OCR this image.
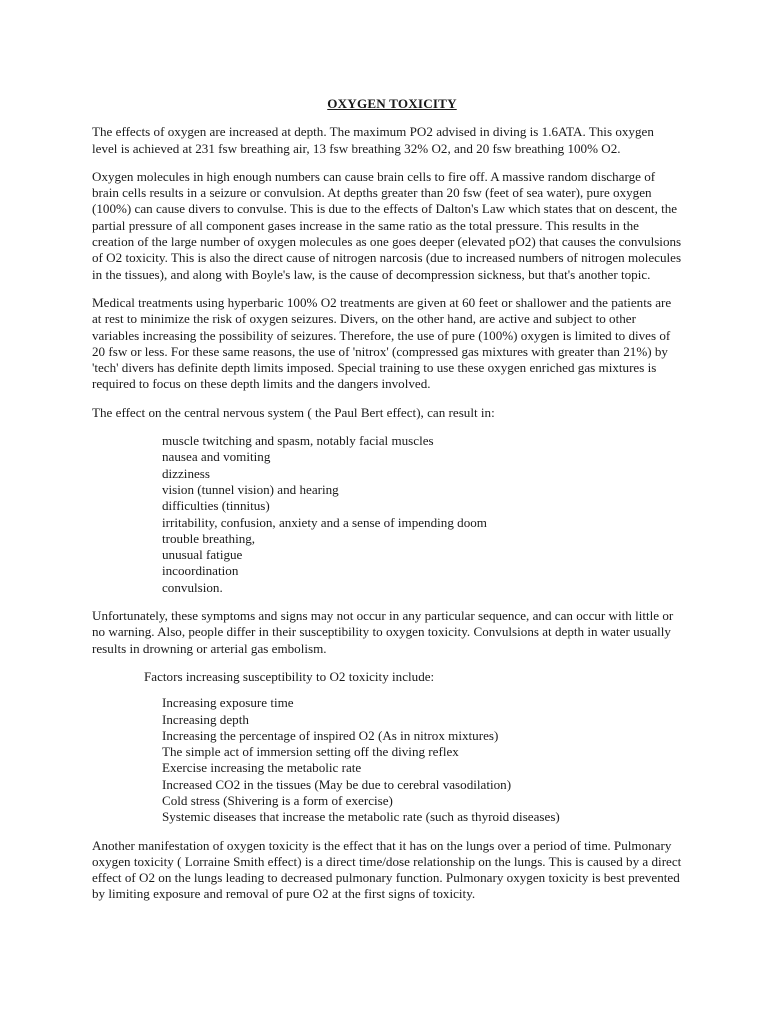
OXYGEN TOXICITY

The effects of oxygen are increased at depth. The maximum PO2 advised in diving is 1.6ATA. This oxygen level is achieved at 231 fsw breathing air, 13 fsw breathing 32% O2, and 20 fsw breathing 100% O2.

Oxygen molecules in high enough numbers can cause brain cells to fire off. A massive random discharge of brain cells results in a seizure or convulsion. At depths greater than 20 fsw (feet of sea water), pure oxygen (100%) can cause divers to convulse. This is due to the effects of Dalton's Law which states that on descent, the partial pressure of all component gases increase in the same ratio as the total pressure. This results in the creation of the large number of oxygen molecules as one goes deeper (elevated pO2) that causes the convulsions of O2 toxicity. This is also the direct cause of nitrogen narcosis (due to increased numbers of nitrogen molecules in the tissues), and along with Boyle's law, is the cause of decompression sickness, but that's another topic.

Medical treatments using hyperbaric 100% O2 treatments are given at 60 feet or shallower and the patients are at rest to minimize the risk of oxygen seizures. Divers, on the other hand, are active and subject to other variables increasing the possibility of seizures. Therefore, the use of pure (100%) oxygen is limited to dives of 20 fsw or less. For these same reasons, the use of 'nitrox' (compressed gas mixtures with greater than 21%) by 'tech' divers has definite depth limits imposed. Special training to use these oxygen enriched gas mixtures is required to focus on these depth limits and the dangers involved.

The effect on the central nervous system ( the Paul Bert effect), can result in:

muscle twitching and spasm, notably facial muscles
nausea and vomiting
dizziness
vision (tunnel vision) and hearing
difficulties (tinnitus)
irritability, confusion, anxiety and a sense of impending doom
trouble breathing,
unusual fatigue
incoordination
convulsion.

Unfortunately, these symptoms and signs may not occur in any particular sequence, and can occur with little or no warning. Also, people differ in their susceptibility to oxygen toxicity. Convulsions at depth in water usually results in drowning or arterial gas embolism.

Factors increasing susceptibility to O2 toxicity include:

Increasing exposure time
Increasing depth
Increasing the percentage of inspired O2 (As in nitrox mixtures)
The simple act of immersion setting off the diving reflex
Exercise increasing the metabolic rate
Increased CO2 in the tissues (May be due to cerebral vasodilation)
Cold stress (Shivering is a form of exercise)
Systemic diseases that increase the metabolic rate (such as thyroid diseases)

Another manifestation of oxygen toxicity is the effect that it has on the lungs over a period of time. Pulmonary oxygen toxicity ( Lorraine Smith effect) is a direct time/dose relationship on the lungs. This is caused by a direct effect of O2 on the lungs leading to decreased pulmonary function. Pulmonary oxygen toxicity is best prevented by limiting exposure and removal of pure O2 at the first signs of toxicity.
